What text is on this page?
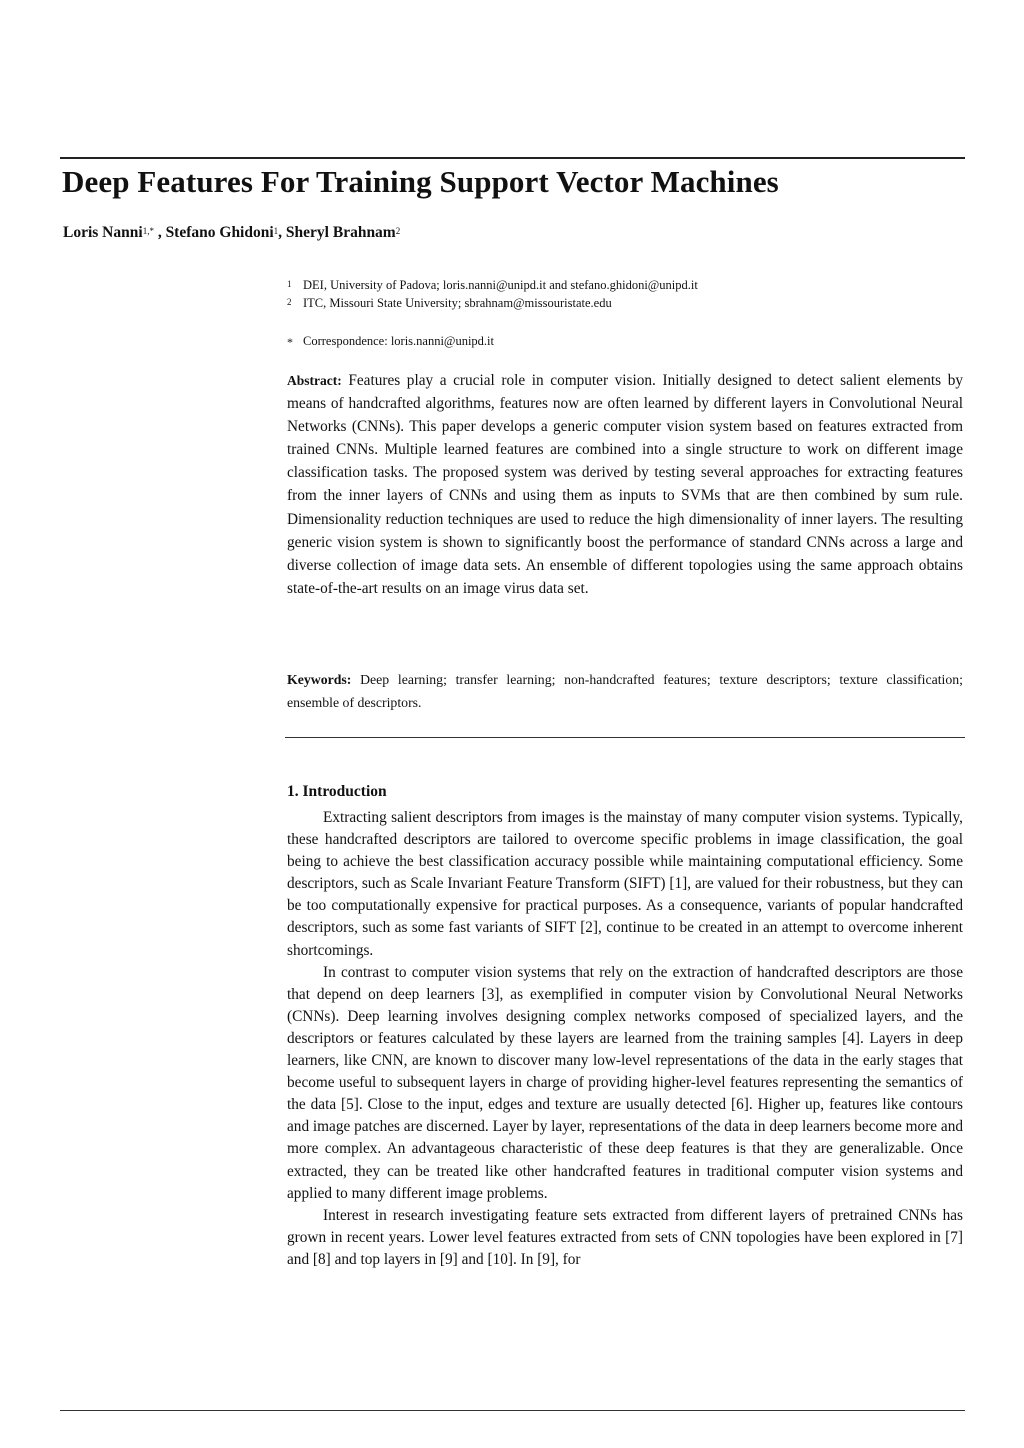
Deep Features For Training Support Vector Machines
Loris Nanni$^{1,*}$ , Stefano Ghidoni$^1$, Sheryl Brahnam$^2$
1 DEI, University of Padova; loris.nanni@unipd.it and stefano.ghidoni@unipd.it
2 ITC, Missouri State University; sbrahnam@missouristate.edu
* Correspondence: loris.nanni@unipd.it

Abstract: Features play a crucial role in computer vision. Initially designed to detect salient elements by means of handcrafted algorithms, features now are often learned by different layers in Convolutional Neural Networks (CNNs). This paper develops a generic computer vision system based on features extracted from trained CNNs. Multiple learned features are combined into a single structure to work on different image classification tasks. The proposed system was derived by testing several approaches for extracting features from the inner layers of CNNs and using them as inputs to SVMs that are then combined by sum rule. Dimensionality reduction techniques are used to reduce the high dimensionality of inner layers. The resulting generic vision system is shown to significantly boost the performance of standard CNNs across a large and diverse collection of image data sets. An ensemble of different topologies using the same approach obtains state-of-the-art results on an image virus data set.

Keywords: Deep learning; transfer learning; non-handcrafted features; texture descriptors; texture classification; ensemble of descriptors.

1. Introduction

Extracting salient descriptors from images is the mainstay of many computer vision systems. Typically, these handcrafted descriptors are tailored to overcome specific problems in image classification, the goal being to achieve the best classification accuracy possible while maintaining computational efficiency. Some descriptors, such as Scale Invariant Feature Transform (SIFT) [1], are valued for their robustness, but they can be too computationally expensive for practical purposes. As a consequence, variants of popular handcrafted descriptors, such as some fast variants of SIFT [2], continue to be created in an attempt to overcome inherent shortcomings.

In contrast to computer vision systems that rely on the extraction of handcrafted descriptors are those that depend on deep learners [3], as exemplified in computer vision by Convolutional Neural Networks (CNNs). Deep learning involves designing complex networks composed of specialized layers, and the descriptors or features calculated by these layers are learned from the training samples [4]. Layers in deep learners, like CNN, are known to discover many low-level representations of the data in the early stages that become useful to subsequent layers in charge of providing higher-level features representing the semantics of the data [5]. Close to the input, edges and texture are usually detected [6]. Higher up, features like contours and image patches are discerned. Layer by layer, representations of the data in deep learners become more and more complex. An advantageous characteristic of these deep features is that they are generalizable. Once extracted, they can be treated like other handcrafted features in traditional computer vision systems and applied to many different image problems.

Interest in research investigating feature sets extracted from different layers of pretrained CNNs has grown in recent years. Lower level features extracted from sets of CNN topologies have been explored in [7] and [8] and top layers in [9] and [10]. In [9], for
